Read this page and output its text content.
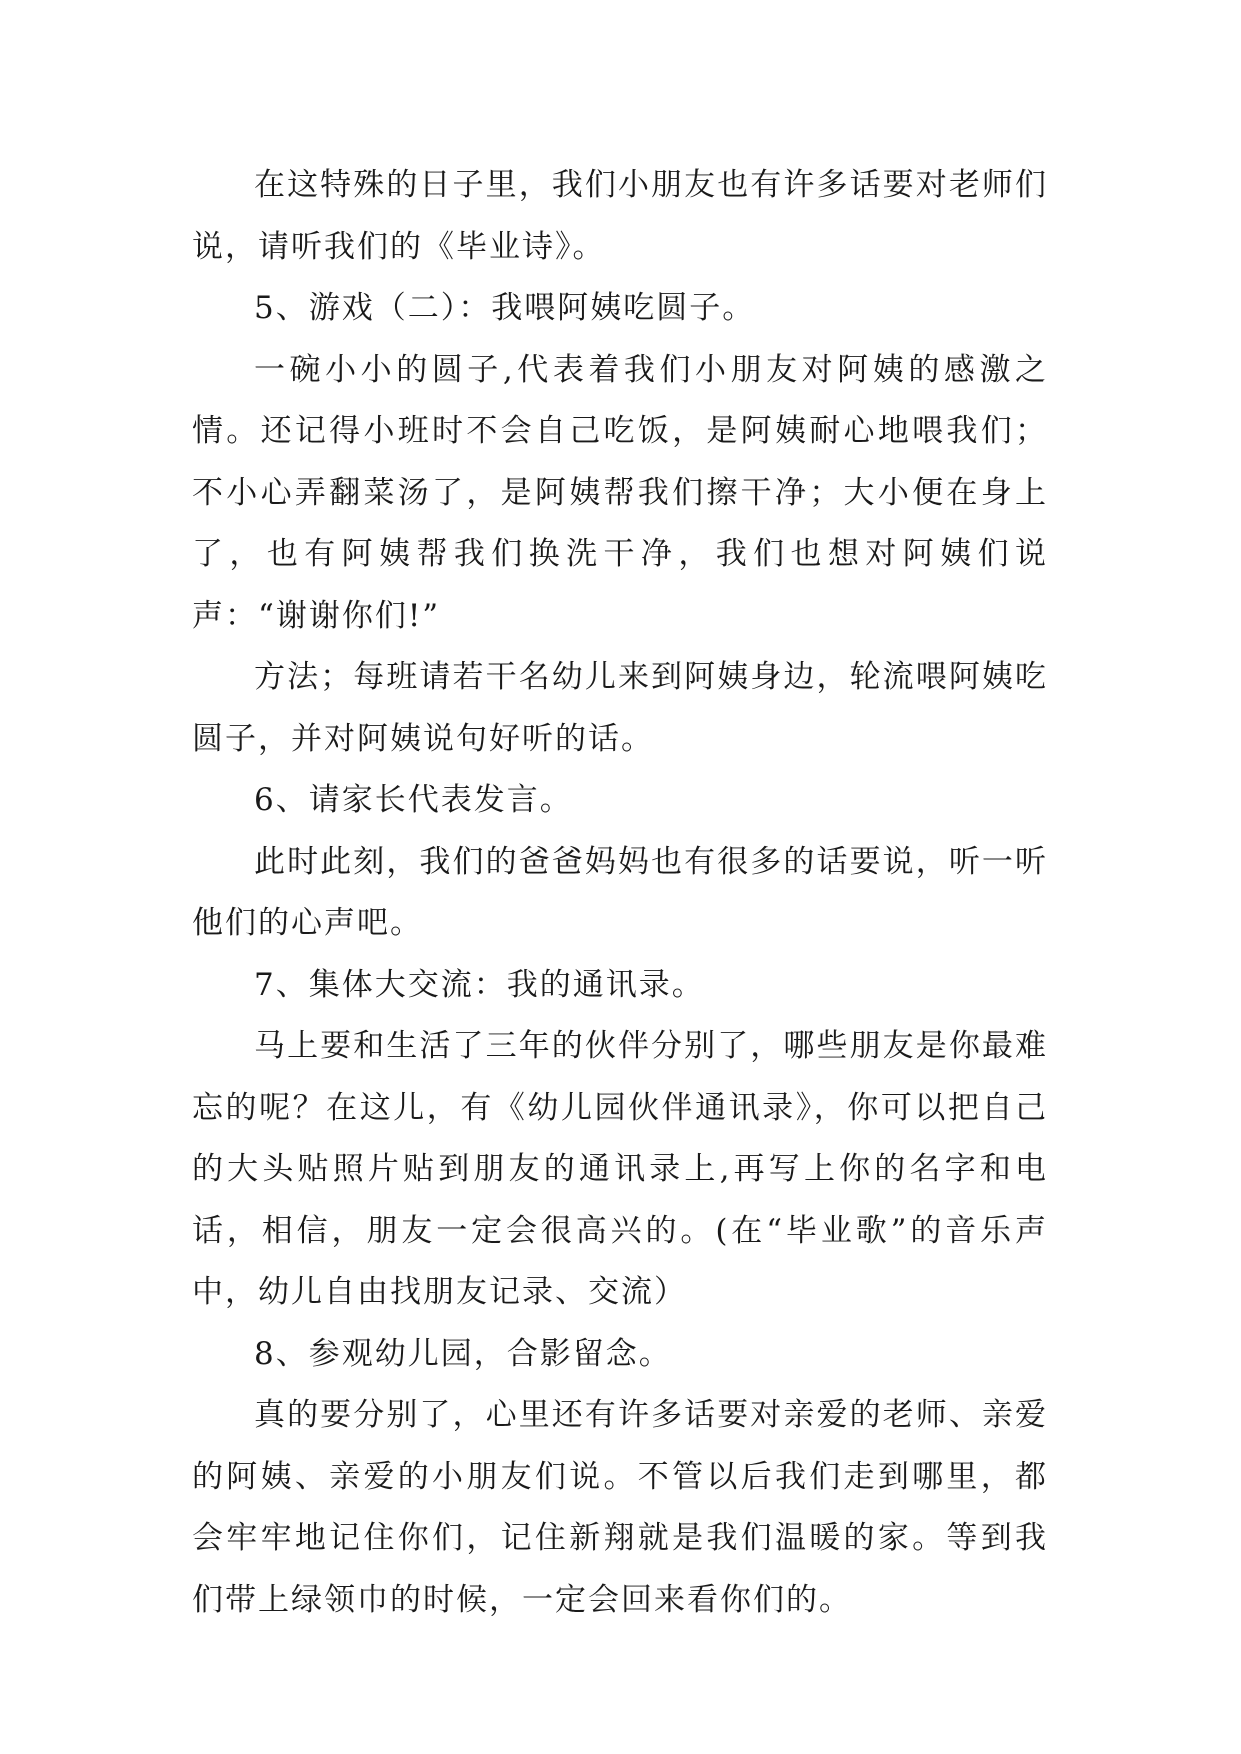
在这特殊的日子里，我们小朋友也有许多话要对老师们说，请听我们的《毕业诗》。

5、游戏（二）：我喂阿姨吃圆子。

一碗小小的圆子,代表着我们小朋友对阿姨的感激之情。还记得小班时不会自己吃饭，是阿姨耐心地喂我们；不小心弄翻菜汤了，是阿姨帮我们擦干净；大小便在身上了，也有阿姨帮我们换洗干净，我们也想对阿姨们说声：“谢谢你们!”

方法；每班请若干名幼儿来到阿姨身边，轮流喂阿姨吃圆子，并对阿姨说句好听的话。

6、请家长代表发言。

此时此刻，我们的爸爸妈妈也有很多的话要说，听一听他们的心声吧。

7、集体大交流：我的通讯录。

马上要和生活了三年的伙伴分别了，哪些朋友是你最难忘的呢？在这儿，有《幼儿园伙伴通讯录》，你可以把自己的大头贴照片贴到朋友的通讯录上,再写上你的名字和电话，相信，朋友一定会很高兴的。(在“毕业歌”的音乐声中，幼儿自由找朋友记录、交流）

8、参观幼儿园，合影留念。

真的要分别了，心里还有许多话要对亲爱的老师、亲爱的阿姨、亲爱的小朋友们说。不管以后我们走到哪里，都会牢牢地记住你们，记住新翔就是我们温暖的家。等到我们带上绿领巾的时候，一定会回来看你们的。
